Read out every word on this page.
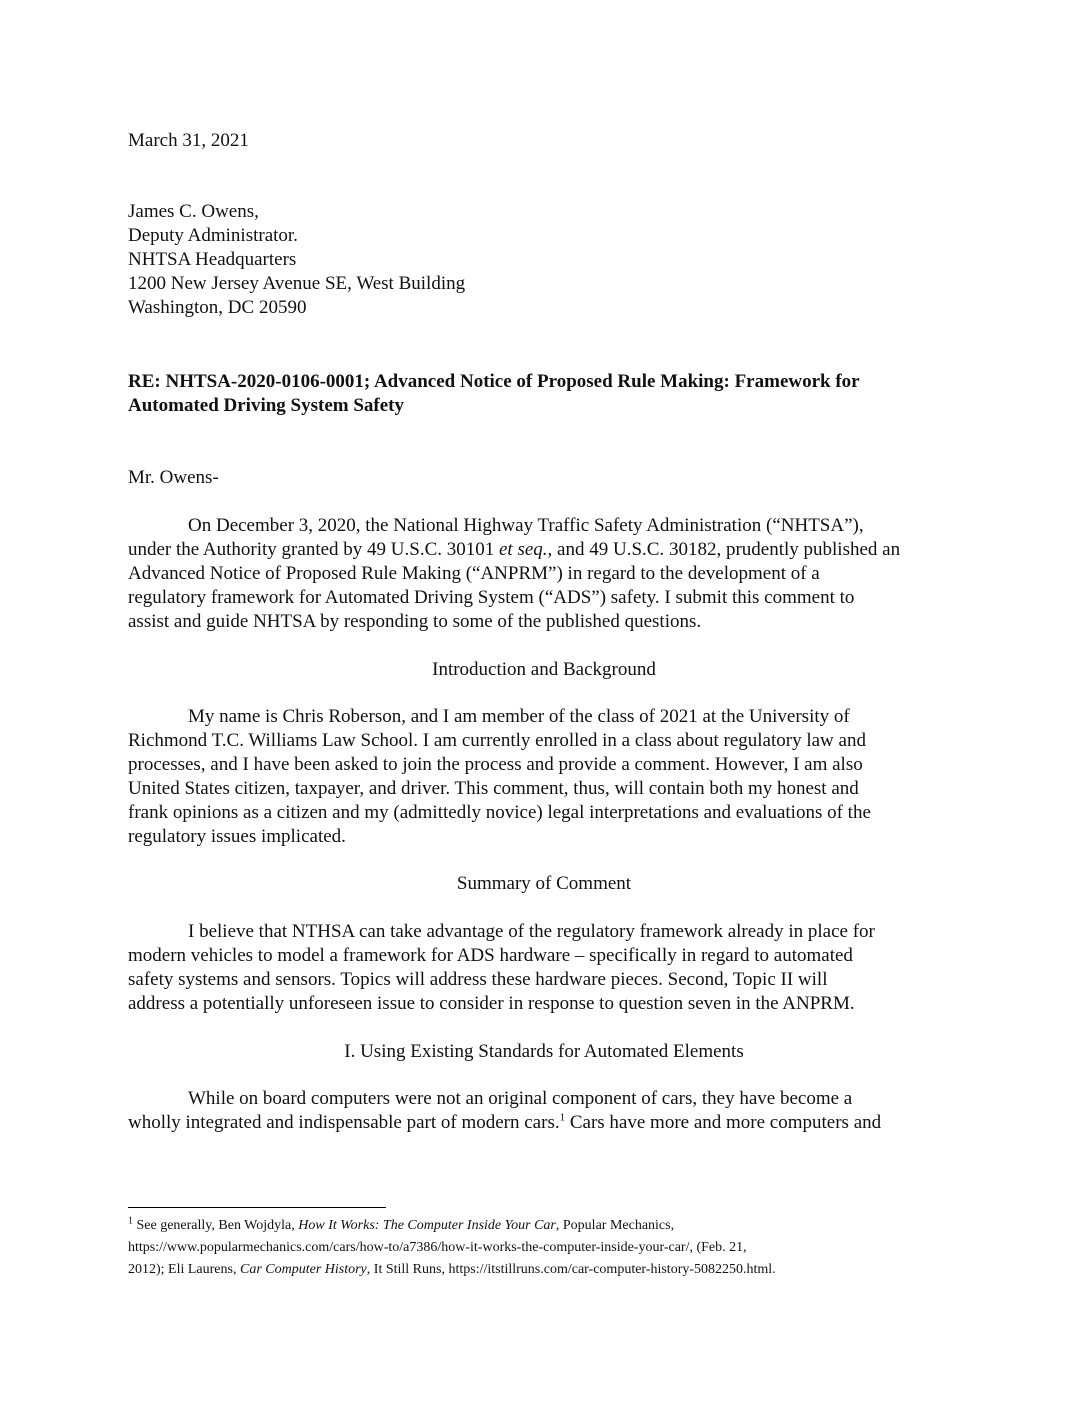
March 31, 2021
James C. Owens,
Deputy Administrator.
NHTSA Headquarters
1200 New Jersey Avenue SE, West Building
Washington, DC 20590
RE: NHTSA-2020-0106-0001; Advanced Notice of Proposed Rule Making: Framework for
Automated Driving System Safety
Mr. Owens-
On December 3, 2020, the National Highway Traffic Safety Administration (“NHTSA”),
under the Authority granted by 49 U.S.C. 30101 et seq., and 49 U.S.C. 30182, prudently published an
Advanced Notice of Proposed Rule Making (“ANPRM”) in regard to the development of a
regulatory framework for Automated Driving System (“ADS”) safety. I submit this comment to
assist and guide NHTSA by responding to some of the published questions.
Introduction and Background
My name is Chris Roberson, and I am member of the class of 2021 at the University of
Richmond T.C. Williams Law School. I am currently enrolled in a class about regulatory law and
processes, and I have been asked to join the process and provide a comment. However, I am also
United States citizen, taxpayer, and driver. This comment, thus, will contain both my honest and
frank opinions as a citizen and my (admittedly novice) legal interpretations and evaluations of the
regulatory issues implicated.
Summary of Comment
I believe that NTHSA can take advantage of the regulatory framework already in place for
modern vehicles to model a framework for ADS hardware – specifically in regard to automated
safety systems and sensors. Topics will address these hardware pieces. Second, Topic II will
address a potentially unforeseen issue to consider in response to question seven in the ANPRM.
I. Using Existing Standards for Automated Elements
While on board computers were not an original component of cars, they have become a
wholly integrated and indispensable part of modern cars.$^1$ Cars have more and more computers and
$^1$ See generally, Ben Wojdyla, How It Works: The Computer Inside Your Car, Popular Mechanics,
https://www.popularmechanics.com/cars/how-to/a7386/how-it-works-the-computer-inside-your-car/, (Feb. 21,
2012); Eli Laurens, Car Computer History, It Still Runs, https://itstillruns.com/car-computer-history-5082250.html.
